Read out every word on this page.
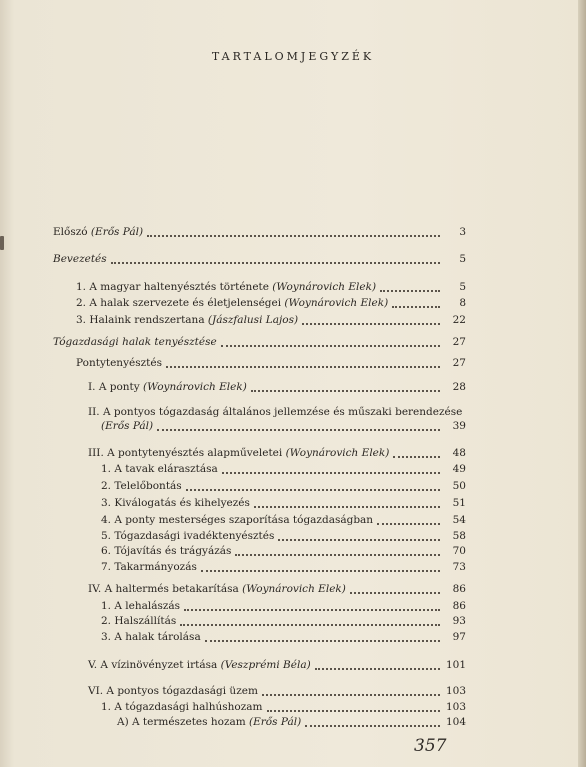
TARTALOMJEGYZÉK
Előszó (Erős Pál)	3
Bevezetés	5
1. A magyar haltenyésztés története (Woynárovich Elek)	5
2. A halak szervezete és életjelenségei (Woynárovich Elek)	8
3. Halaink rendszertana (Jászfalusi Lajos)	22
Tógazdasági halak tenyésztése	27
Pontytenyésztés	27
I. A ponty (Woynárovich Elek)	28
II. A pontyos tógazdaság általános jellemzése és műszaki berendezése
(Erős Pál)	39
III. A pontytenyésztés alapműveletei (Woynárovich Elek)	48
1. A tavak elárasztása	49
2. Telelőbontás	50
3. Kiválogatás és kihelyezés	51
4. A ponty mesterséges szaporítása tógazdaságban	54
5. Tógazdasági ivadéktenyésztés	58
6. Tójavítás és trágyázás	70
7. Takarmányozás	73
IV. A haltermés betakarítása (Woynárovich Elek)	86
1. A lehalászás	86
2. Halszállítás	93
3. A halak tárolása	97
V. A vízinövényzet irtása (Veszprémi Béla)	101
VI. A pontyos tógazdasági üzem	103
1. A tógazdasági halhúshozam	103
A) A természetes hozam (Erős Pál)	104
357
